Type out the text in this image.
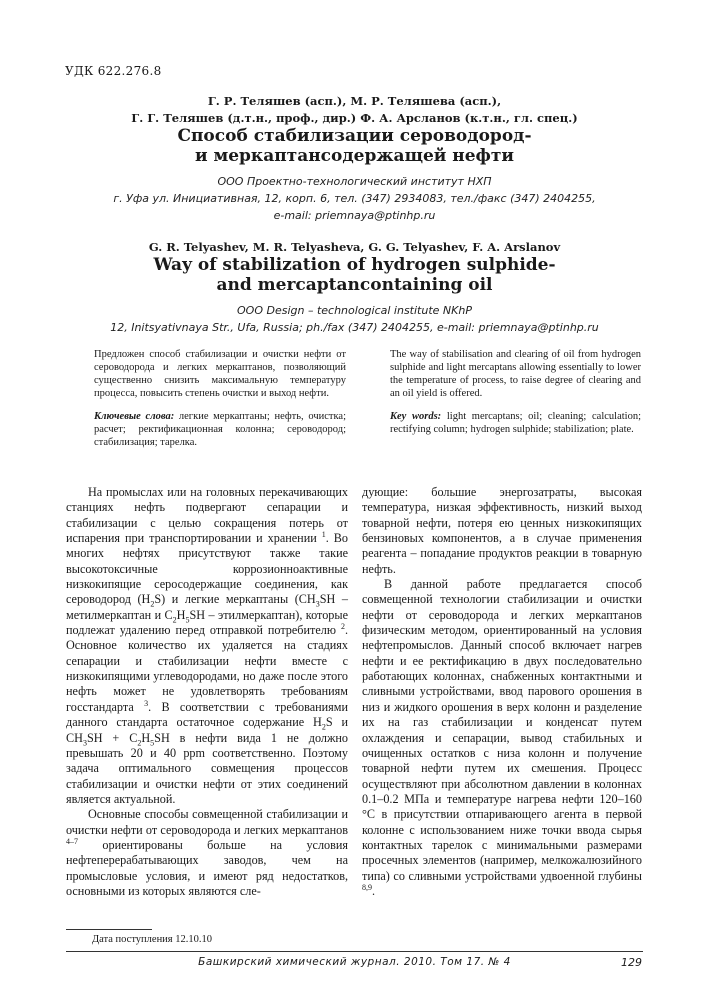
УДК 622.276.8
Г. Р. Теляшев (асп.), М. Р. Теляшева (асп.),
Г. Г. Теляшев (д.т.н., проф., дир.) Ф. А. Арсланов (к.т.н., гл. спец.)
Способ стабилизации сероводород-
и меркаптансодержащей нефти
ООО Проектно-технологический институт НХП
г. Уфа ул. Инициативная, 12, корп. 6, тел. (347) 2934083, тел./факс (347) 2404255,
e-mail: priemnaya@ptinhp.ru
G. R. Telyashev, M. R. Telyasheva, G. G. Telyashev, F. A. Arslanov
Way of stabilization of hydrogen sulphide-
and mercaptancontaining oil
OOO Design – technological institute NKhP
12, Initsyativnaya Str., Ufa, Russia; ph./fax (347) 2404255, e-mail: priemnaya@ptinhp.ru
Предложен способ стабилизации и очистки нефти от сероводорода и легких меркаптанов, позволяющий существенно снизить максимальную температуру процесса, повысить степень очистки и выход нефти.
Ключевые слова: легкие меркаптаны; нефть, очистка; расчет; ректификационная колонна; сероводород; стабилизация; тарелка.
The way of stabilisation and clearing of oil from hydrogen sulphide and light mercaptans allowing essentially to lower the temperature of process, to raise degree of clearing and an oil yield is offered.
Key words: light mercaptans; oil; cleaning; calculation; rectifying column; hydrogen sulphide; stabilization; plate.

На промыслах или на головных перекачивающих станциях нефть подвергают сепарации и стабилизации с целью сокращения потерь от испарения при транспортировании и хранении $^1$. Во многих нефтях присутствуют также такие высокотоксичные коррозионноактивные низкокипящие серосодержащие соединения, как сероводород $(H_2S)$ и легкие меркаптаны ($CH_3SH$ – метилмеркаптан и $C_2H_5SH$ – этилмеркаптан), которые подлежат удалению перед отправкой потребителю $^2$. Основное количество их удаляется на стадиях сепарации и стабилизации нефти вместе с низкокипящими углеводородами, но даже после этого нефть может не удовлетворять требованиям госстандарта $^3$. В соответствии с требованиями данного стандарта остаточное содержание $H_2S$ и $CH_3SH + C_2H_5SH$ в нефти вида 1 не должно превышать 20 и 40 ppm соответственно. Поэтому задача оптимального совмещения процессов стабилизации и очистки нефти от этих соединений является актуальной.

Основные способы совмещенной стабилизации и очистки нефти от сероводорода и легких меркаптанов $^{4-7}$ ориентированы больше на условия нефтеперерабатывающих заводов, чем на промысловые условия, и имеют ряд недостатков, основными из которых являются сле-

дующие: большие энергозатраты, высокая температура, низкая эффективность, низкий выход товарной нефти, потеря ею ценных низкокипящих бензиновых компонентов, а в случае применения реагента – попадание продуктов реакции в товарную нефть.

В данной работе предлагается способ совмещенной технологии стабилизации и очистки нефти от сероводорода и легких меркаптанов физическим методом, ориентированный на условия нефтепромыслов. Данный способ включает нагрев нефти и ее ректификацию в двух последовательно работающих колоннах, снабженных контактными и сливными устройствами, ввод парового орошения в низ и жидкого орошения в верх колонн и разделение их на газ стабилизации и конденсат путем охлаждения и сепарации, вывод стабильных и очищенных остатков с низа колонн и получение товарной нефти путем их смешения. Процесс осуществляют при абсолютном давлении в колоннах 0.1–0.2 МПа и температуре нагрева нефти 120–160 °С в присутствии отпаривающего агента в первой колонне с использованием ниже точки ввода сырья контактных тарелок с минимальными размерами просечных элементов (например, мелкожалюзийного типа) со сливными устройствами удвоенной глубины $^{8,9}$.

Дата поступления 12.10.10
Башкирский химический журнал. 2010. Том 17. № 4	129
